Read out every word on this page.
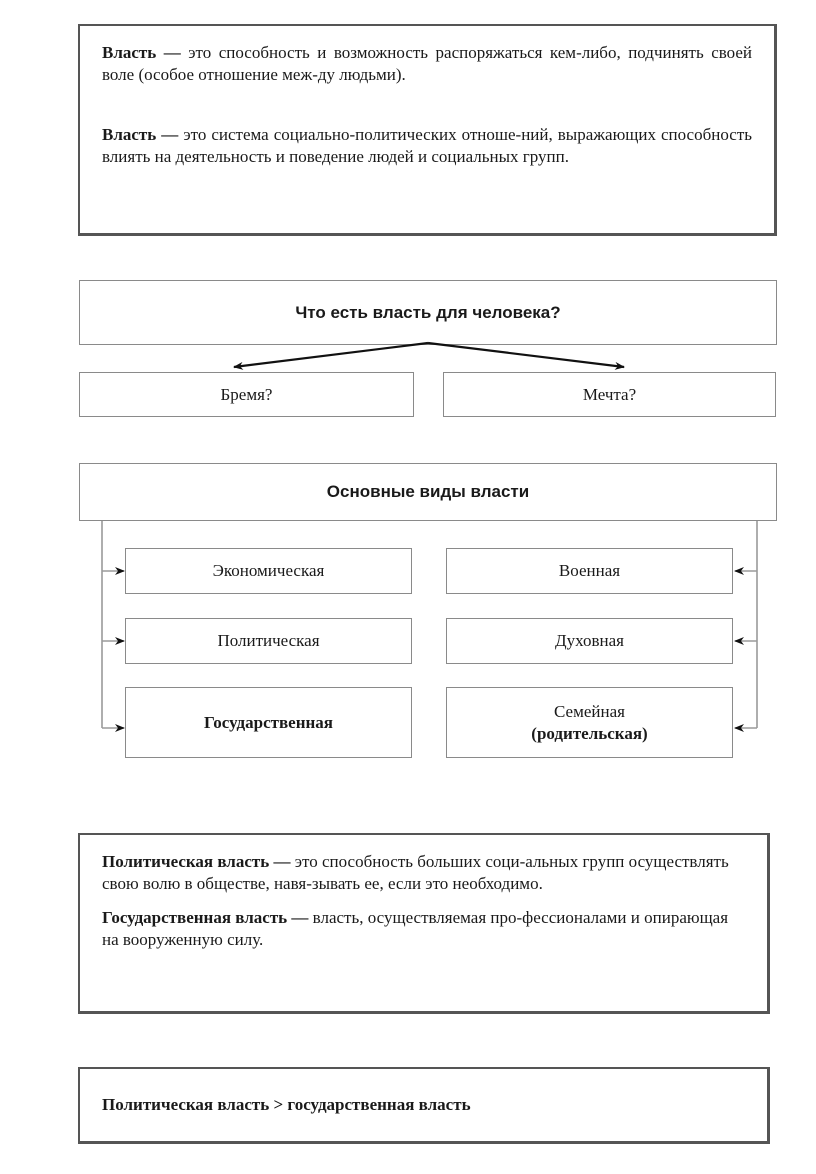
Власть — это способность и возможность распоряжаться кем-либо, подчинять своей воле (особое отношение меж-ду людьми).

Власть — это система социально-политических отноше-ний, выражающих способность влиять на деятельность и поведение людей и социальных групп.

Что есть власть для человека?
Бремя?	Мечта?
Основные виды власти
Экономическая
Политическая
Государственная
Военная
Духовная
Семейная
(родительская)

Политическая власть — это способность больших соци-альных групп осуществлять свою волю в обществе, навя-зывать ее, если это необходимо.

Государственная власть — власть, осуществляемая про-фессионалами и опирающая на вооруженную силу.

Политическая власть > государственная власть
